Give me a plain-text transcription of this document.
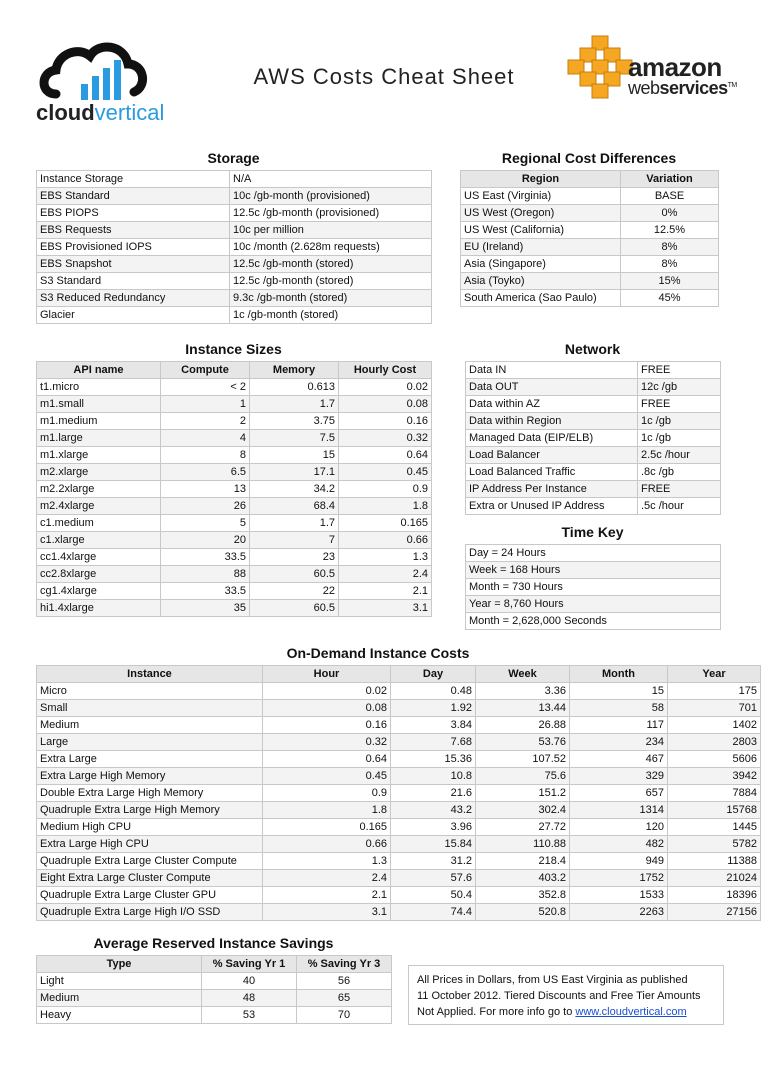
cloudvertical
AWS Costs Cheat Sheet	amazon
webservices™
Storage
Instance Storage	N/A
EBS Standard	10c /gb-month (provisioned)
EBS PIOPS	12.5c /gb-month (provisioned)
EBS Requests	10c per million
EBS Provisioned IOPS	10c /month (2.628m requests)
EBS Snapshot	12.5c /gb-month (stored)
S3 Standard	12.5c /gb-month (stored)
S3 Reduced Redundancy	9.3c /gb-month (stored)
Glacier	1c /gb-month (stored)
Regional Cost Differences
Region	Variation
US East (Virginia)	BASE
US West (Oregon)	0%
US West (California)	12.5%
EU (Ireland)	8%
Asia (Singapore)	8%
Asia (Toyko)	15%
South America (Sao Paulo)	45%
Instance Sizes
API name	Compute	Memory	Hourly Cost
t1.micro	< 2	0.613	0.02
m1.small	1	1.7	0.08
m1.medium	2	3.75	0.16
m1.large	4	7.5	0.32
m1.xlarge	8	15	0.64
m2.xlarge	6.5	17.1	0.45
m2.2xlarge	13	34.2	0.9
m2.4xlarge	26	68.4	1.8
c1.medium	5	1.7	0.165
c1.xlarge	20	7	0.66
cc1.4xlarge	33.5	23	1.3
cc2.8xlarge	88	60.5	2.4
cg1.4xlarge	33.5	22	2.1
hi1.4xlarge	35	60.5	3.1
Network
Data IN	FREE
Data OUT	12c /gb
Data within AZ	FREE
Data within Region	1c /gb
Managed Data (EIP/ELB)	1c /gb
Load Balancer	2.5c /hour
Load Balanced Traffic	.8c /gb
IP Address Per Instance	FREE
Extra or Unused IP Address	.5c /hour
Time Key
Day = 24 Hours
Week = 168 Hours
Month = 730 Hours
Year = 8,760 Hours
Month = 2,628,000 Seconds
On-Demand Instance Costs
Instance	Hour	Day	Week	Month	Year
Micro	0.02	0.48	3.36	15	175
Small	0.08	1.92	13.44	58	701
Medium	0.16	3.84	26.88	117	1402
Large	0.32	7.68	53.76	234	2803
Extra Large	0.64	15.36	107.52	467	5606
Extra Large High Memory	0.45	10.8	75.6	329	3942
Double Extra Large High Memory	0.9	21.6	151.2	657	7884
Quadruple Extra Large High Memory	1.8	43.2	302.4	1314	15768
Medium High CPU	0.165	3.96	27.72	120	1445
Extra Large High CPU	0.66	15.84	110.88	482	5782
Quadruple Extra Large Cluster Compute	1.3	31.2	218.4	949	11388
Eight Extra Large Cluster Compute	2.4	57.6	403.2	1752	21024
Quadruple Extra Large Cluster GPU	2.1	50.4	352.8	1533	18396
Quadruple Extra Large High I/O SSD	3.1	74.4	520.8	2263	27156
Average Reserved Instance Savings
Type	% Saving Yr 1	% Saving Yr 3
Light	40	56
Medium	48	65
Heavy	53	70
All Prices in Dollars, from US East Virginia as published
11 October 2012. Tiered Discounts and Free Tier Amounts
Not Applied. For more info go to www.cloudvertical.com
